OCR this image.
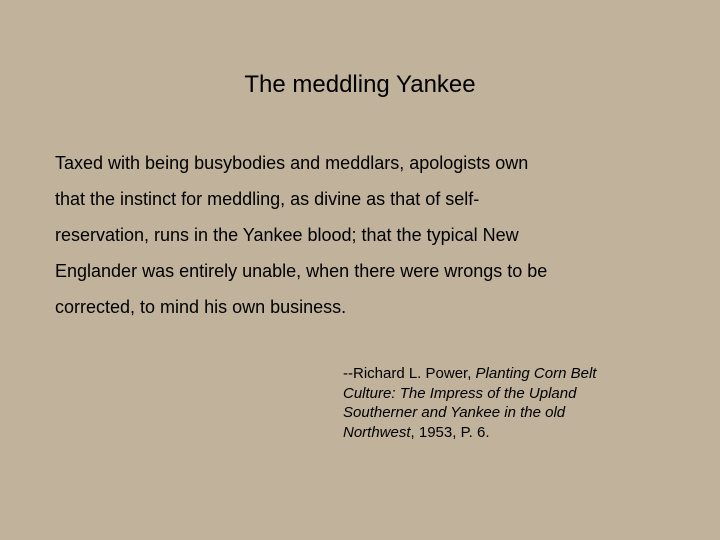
The meddling Yankee

Taxed with being busybodies and meddlars, apologists own
that the instinct for meddling, as divine as that of self-
reservation, runs in the Yankee blood; that the typical New
Englander was entirely unable, when there were wrongs to be
corrected, to mind his own business.

--Richard L. Power, Planting Corn Belt
Culture: The Impress of the Upland
Southerner and Yankee in the old
Northwest, 1953, P. 6.
